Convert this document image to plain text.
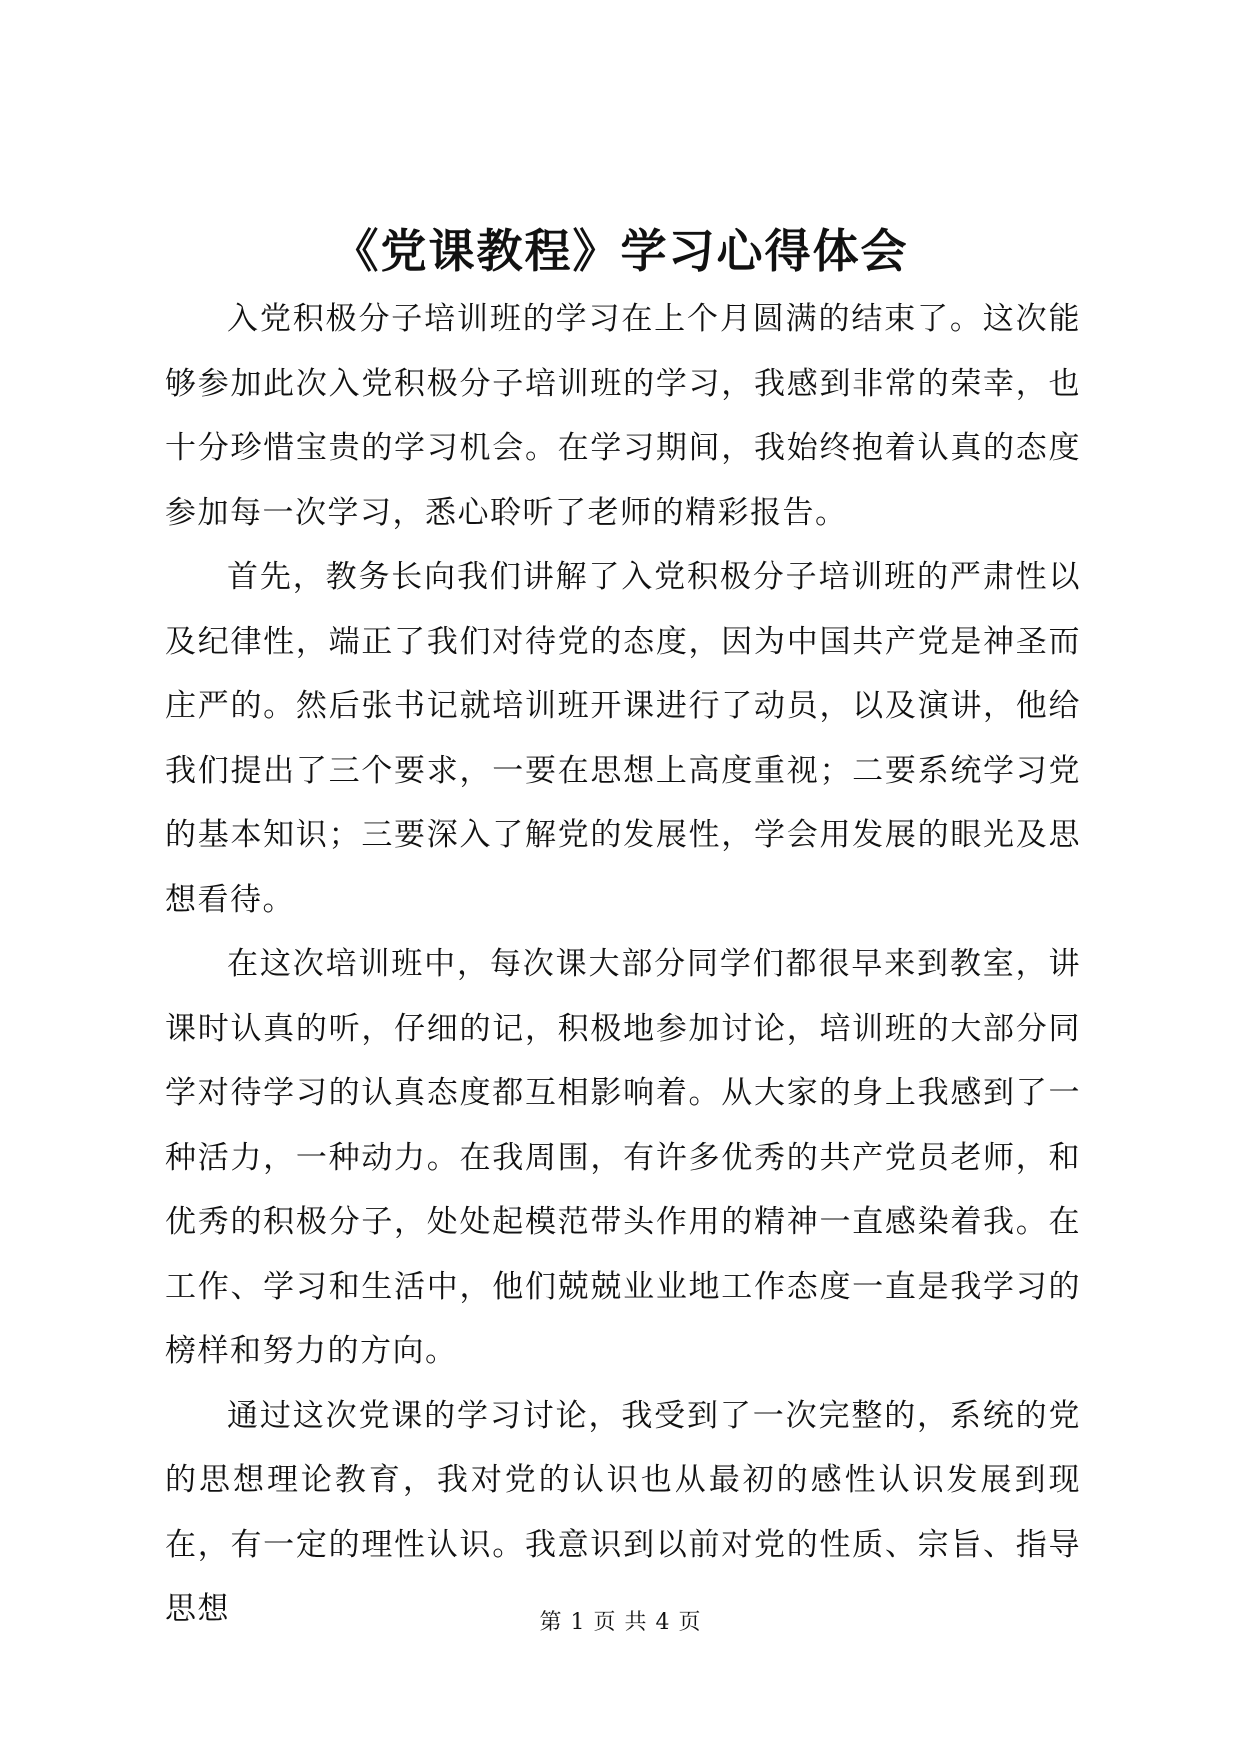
《党课教程》学习心得体会

入党积极分子培训班的学习在上个月圆满的结束了。这次能够参加此次入党积极分子培训班的学习，我感到非常的荣幸，也十分珍惜宝贵的学习机会。在学习期间，我始终抱着认真的态度参加每一次学习，悉心聆听了老师的精彩报告。

首先，教务长向我们讲解了入党积极分子培训班的严肃性以及纪律性，端正了我们对待党的态度，因为中国共产党是神圣而庄严的。然后张书记就培训班开课进行了动员，以及演讲，他给我们提出了三个要求，一要在思想上高度重视；二要系统学习党的基本知识；三要深入了解党的发展性，学会用发展的眼光及思想看待。

在这次培训班中，每次课大部分同学们都很早来到教室，讲课时认真的听，仔细的记，积极地参加讨论，培训班的大部分同学对待学习的认真态度都互相影响着。从大家的身上我感到了一种活力，一种动力。在我周围，有许多优秀的共产党员老师，和优秀的积极分子，处处起模范带头作用的精神一直感染着我。在工作、学习和生活中，他们兢兢业业地工作态度一直是我学习的榜样和努力的方向。

通过这次党课的学习讨论，我受到了一次完整的，系统的党的思想理论教育，我对党的认识也从最初的感性认识发展到现在，有一定的理性认识。我意识到以前对党的性质、宗旨、指导思想	第 1 页 共 4 页
